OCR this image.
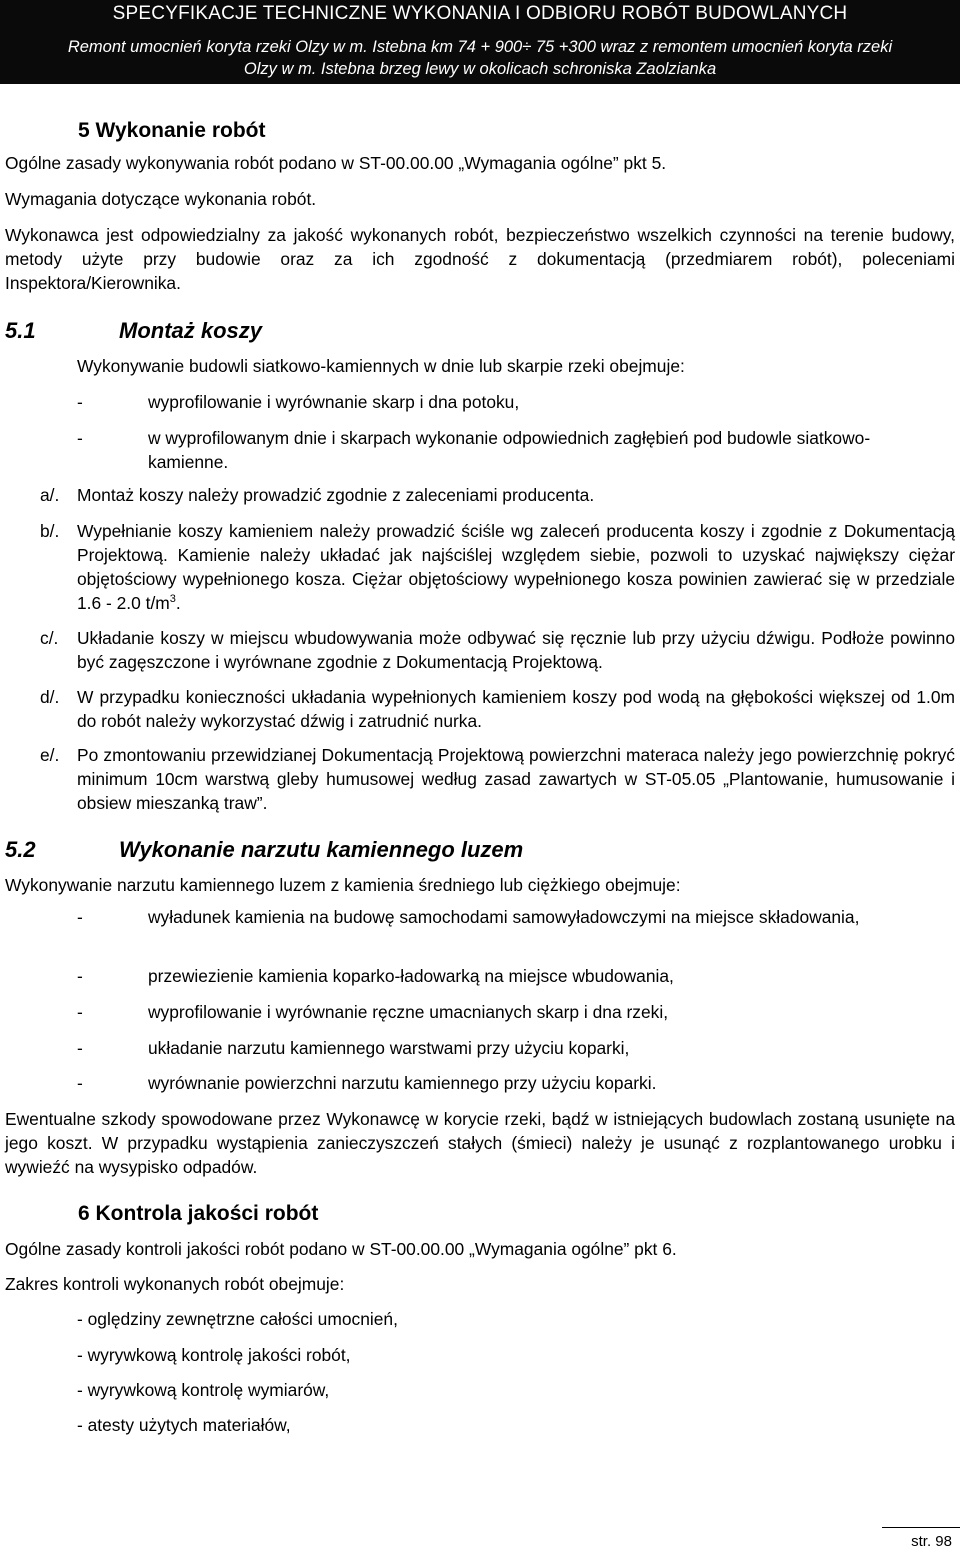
SPECYFIKACJE TECHNICZNE WYKONANIA I ODBIORU ROBÓT BUDOWLANYCH
Remont umocnień koryta rzeki Olzy w m. Istebna km 74 + 900÷ 75 +300 wraz z remontem umocnień koryta rzeki
Olzy w m. Istebna brzeg lewy w okolicach schroniska Zaolzianka
5 Wykonanie robót
Ogólne zasady wykonywania robót podano w ST-00.00.00 „Wymagania ogólne” pkt 5.
Wymagania dotyczące wykonania robót.
Wykonawca jest odpowiedzialny za jakość wykonanych robót, bezpieczeństwo wszelkich czynności na terenie budowy, metody użyte przy budowie oraz za ich zgodność z dokumentacją (przedmiarem robót), poleceniami Inspektora/Kierownika.
5.1	Montaż koszy
Wykonywanie budowli siatkowo-kamiennych w dnie lub skarpie rzeki obejmuje:
-	wyprofilowanie i wyrównanie skarp i dna potoku,
-	w wyprofilowanym dnie i skarpach wykonanie odpowiednich zagłębień pod budowle siatkowo-kamienne.
a/. Montaż koszy należy prowadzić zgodnie z zaleceniami producenta.
b/. Wypełnianie koszy kamieniem należy prowadzić ściśle wg zaleceń producenta koszy i zgodnie z Dokumentacją Projektową. Kamienie należy układać jak najściślej względem siebie, pozwoli to uzyskać największy ciężar objętościowy wypełnionego kosza. Ciężar objętościowy wypełnionego kosza powinien zawierać się w przedziale 1.6 - 2.0 $t/m^3$.
c/. Układanie koszy w miejscu wbudowywania może odbywać się ręcznie lub przy użyciu dźwigu. Podłoże powinno być zagęszczone i wyrównane zgodnie z Dokumentacją Projektową.
d/. W przypadku konieczności układania wypełnionych kamieniem koszy pod wodą na głębokości większej od 1.0m do robót należy wykorzystać dźwig i zatrudnić nurka.
e/. Po zmontowaniu przewidzianej Dokumentacją Projektową powierzchni materaca należy jego powierzchnię pokryć minimum 10cm warstwą gleby humusowej według zasad zawartych w ST-05.05 „Plantowanie, humusowanie i obsiew mieszanką traw”.
5.2	Wykonanie narzutu kamiennego luzem
Wykonywanie narzutu kamiennego luzem z kamienia średniego lub ciężkiego obejmuje:
-	wyładunek kamienia na budowę samochodami samowyładowczymi na miejsce składowania,
-	przewiezienie kamienia koparko-ładowarką na miejsce wbudowania,
-	wyprofilowanie i wyrównanie ręczne umacnianych skarp i dna rzeki,
-	układanie narzutu kamiennego warstwami przy użyciu koparki,
-	wyrównanie powierzchni narzutu kamiennego przy użyciu koparki.
Ewentualne szkody spowodowane przez Wykonawcę w korycie rzeki, bądź w istniejących budowlach zostaną usunięte na jego koszt. W przypadku wystąpienia zanieczyszczeń stałych (śmieci) należy je usunąć z rozplantowanego urobku i wywieźć na wysypisko odpadów.
6 Kontrola jakości robót
Ogólne zasady kontroli jakości robót podano w ST-00.00.00 „Wymagania ogólne” pkt 6.
Zakres kontroli wykonanych robót obejmuje:
- oględziny zewnętrzne całości umocnień,
- wyrywkową kontrolę jakości robót,
- wyrywkową kontrolę wymiarów,
- atesty użytych materiałów,
str. 98
